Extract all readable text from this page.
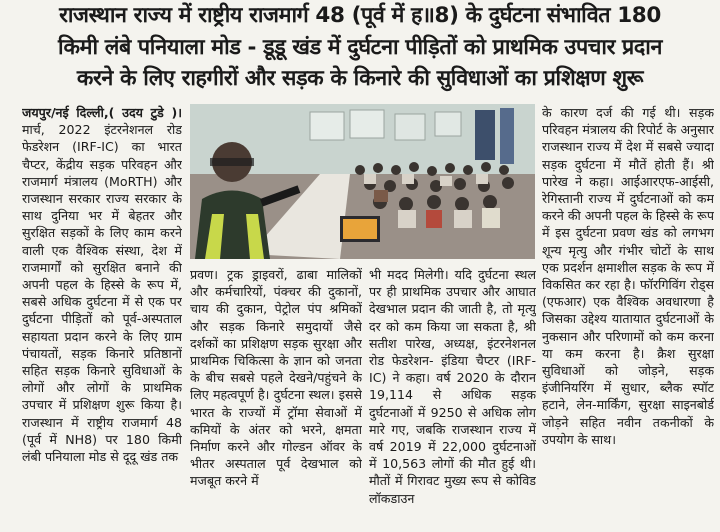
राजस्थान राज्य में राष्ट्रीय राजमार्ग 48 (पूर्व में ह॥8) के दुर्घटना संभावित 180
किमी लंबे पनियाला मोड - डूडू खंड में दुर्घटना पीड़ितों को प्राथमिक उपचार प्रदान
करने के लिए राहगीरों और सड़क के किनारे की सुविधाओं का प्रशिक्षण शुरू

जयपुर/नई दिल्ली,( उदय टुडे )। मार्च, 2022 इंटरनेशनल रोड फेडरेशन (IRF-IC) का भारत चैप्टर, केंद्रीय सड़क परिवहन और राजमार्ग मंत्रालय (MoRTH) और राजस्थान सरकार राज्य सरकार के साथ दुनिया भर में बेहतर और सुरक्षित सड़कों के लिए काम करने वाली एक वैश्विक संस्था, देश में राजमार्गों को सुरक्षित बनाने की अपनी पहल के हिस्से के रूप में, सबसे अधिक दुर्घटना में से एक पर दुर्घटना पीड़ितों को पूर्व-अस्पताल सहायता प्रदान करने के लिए ग्राम पंचायतों, सड़क किनारे प्रतिष्ठानों सहित सड़क किनारे सुविधाओं के लोगों और लोगों के प्राथमिक उपचार में प्रशिक्षण शुरू किया है। राजस्थान में राष्ट्रीय राजमार्ग 48 (पूर्व में NH8) पर 180 किमी लंबी पनियाला मोड से दूदू खंड तक

प्रवण। ट्रक ड्राइवरों, ढाबा मालिकों और कर्मचारियों, पंक्चर की दुकानों, चाय की दुकान, पेट्रोल पंप श्रमिकों और सड़क किनारे समुदायों जैसे दर्शकों का प्रशिक्षण सड़क सुरक्षा और प्राथमिक चिकित्सा के ज्ञान को जनता के बीच सबसे पहले देखने/पहुंचने के लिए महत्वपूर्ण है। दुर्घटना स्थल। इससे भारत के राज्यों में ट्रॉमा सेवाओं में कमियों के अंतर को भरने, क्षमता निर्माण करने और गोल्डन ऑवर के भीतर अस्पताल पूर्व देखभाल को मजबूत करने में

भी मदद मिलेगी। यदि दुर्घटना स्थल पर ही प्राथमिक उपचार और आघात देखभाल प्रदान की जाती है, तो मृत्यु दर को कम किया जा सकता है, श्री सतीश पारेख, अध्यक्ष, इंटरनेशनल रोड फेडरेशन- इंडिया चैप्टर (IRF-IC) ने कहा। वर्ष 2020 के दौरान 19,114 से अधिक सड़क दुर्घटनाओं में 9250 से अधिक लोग मारे गए, जबकि राजस्थान राज्य में वर्ष 2019 में 22,000 दुर्घटनाओं में 10,563 लोगों की मौत हुई थी। मौतों में गिरावट मुख्य रूप से कोविड लॉकडाउन

के कारण दर्ज की गई थी। सड़क परिवहन मंत्रालय की रिपोर्ट के अनुसार राजस्थान राज्य में देश में सबसे ज्यादा सड़क दुर्घटना में मौतें होती हैं। श्री पारेख ने कहा। आईआरएफ-आईसी, रेगिस्तानी राज्य में दुर्घटनाओं को कम करने की अपनी पहल के हिस्से के रूप में इस दुर्घटना प्रवण खंड को लगभग शून्य मृत्यु और गंभीर चोटों के साथ एक प्रदर्शन क्षमाशील सड़क के रूप में विकसित कर रहा है। फॉरगिविंग रोड्स (एफआर) एक वैश्विक अवधारणा है जिसका उद्देश्य यातायात दुर्घटनाओं के नुकसान और परिणामों को कम करना या कम करना है। क्रैश सुरक्षा सुविधाओं को जोड़ने, सड़क इंजीनियरिंग में सुधार, ब्लैक स्पॉट हटाने, लेन-मार्किंग, सुरक्षा साइनबोर्ड जोड़ने सहित नवीन तकनीकों के उपयोग के साथ।
